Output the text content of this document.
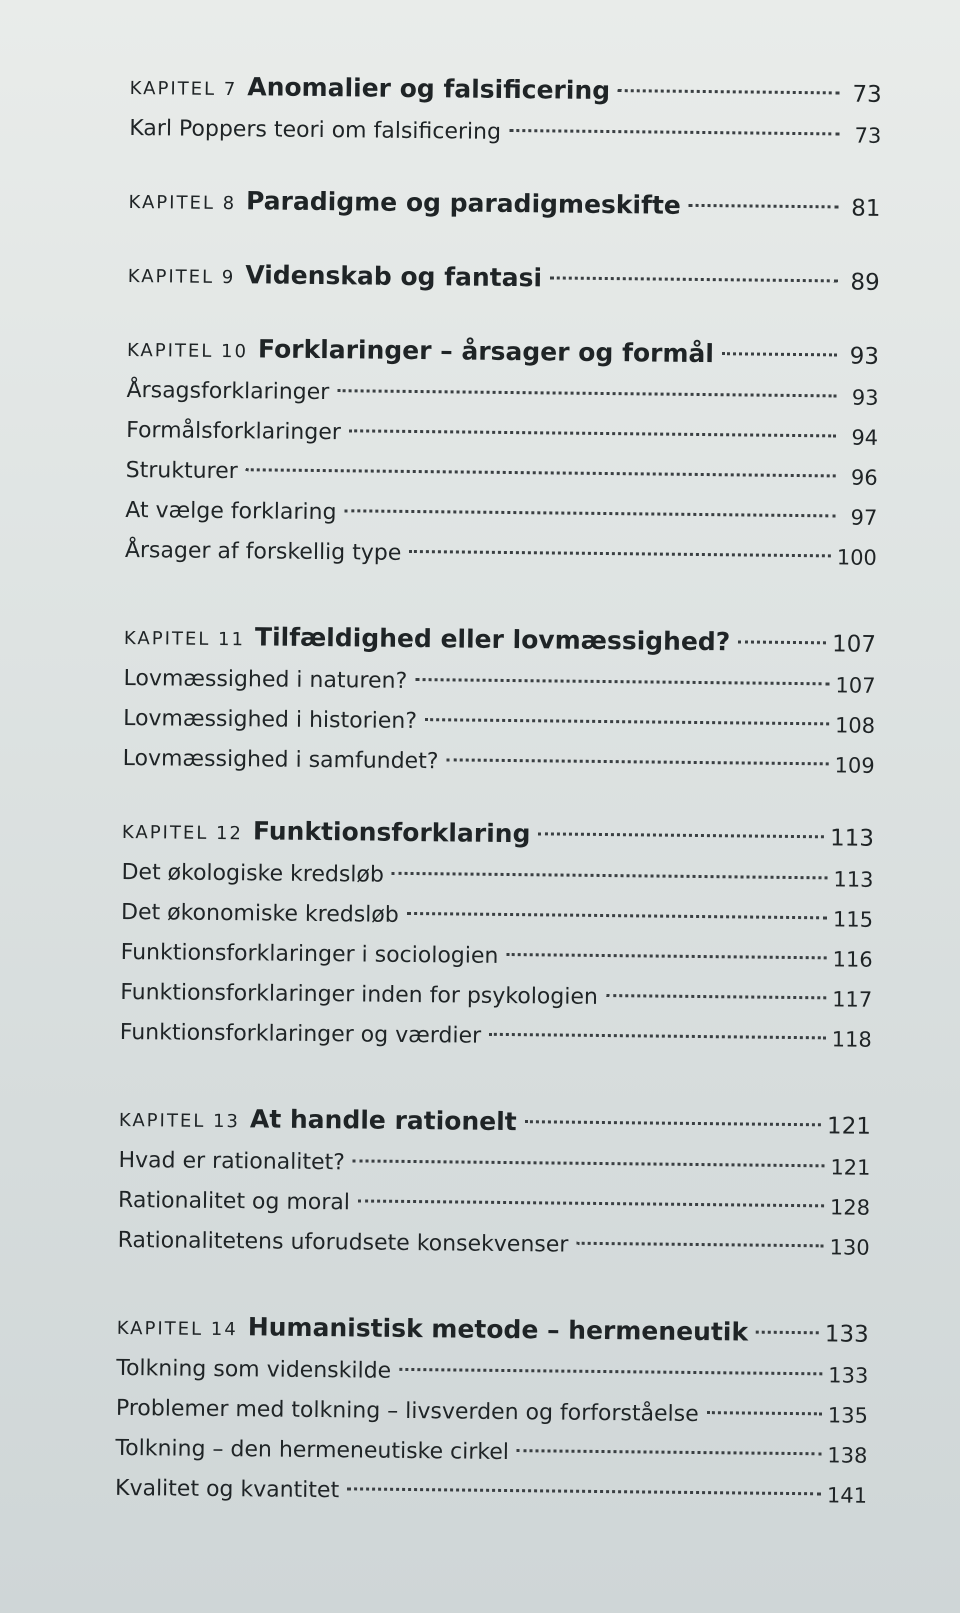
KAPITEL 7 Anomalier og falsificering	73
Karl Poppers teori om falsificering	73
KAPITEL 8 Paradigme og paradigmeskifte	81
KAPITEL 9 Videnskab og fantasi	89
KAPITEL 10 Forklaringer – årsager og formål	93
Årsagsforklaringer	93
Formålsforklaringer	94
Strukturer	96
At vælge forklaring	97
Årsager af forskellig type	100
KAPITEL 11 Tilfældighed eller lovmæssighed?	107
Lovmæssighed i naturen?	107
Lovmæssighed i historien?	108
Lovmæssighed i samfundet?	109
KAPITEL 12 Funktionsforklaring	113
Det økologiske kredsløb	113
Det økonomiske kredsløb	115
Funktionsforklaringer i sociologien	116
Funktionsforklaringer inden for psykologien	117
Funktionsforklaringer og værdier	118
KAPITEL 13 At handle rationelt	121
Hvad er rationalitet?	121
Rationalitet og moral	128
Rationalitetens uforudsete konsekvenser	130
KAPITEL 14 Humanistisk metode – hermeneutik	133
Tolkning som videnskilde	133
Problemer med tolkning – livsverden og forforståelse	135
Tolkning – den hermeneutiske cirkel	138
Kvalitet og kvantitet	141
